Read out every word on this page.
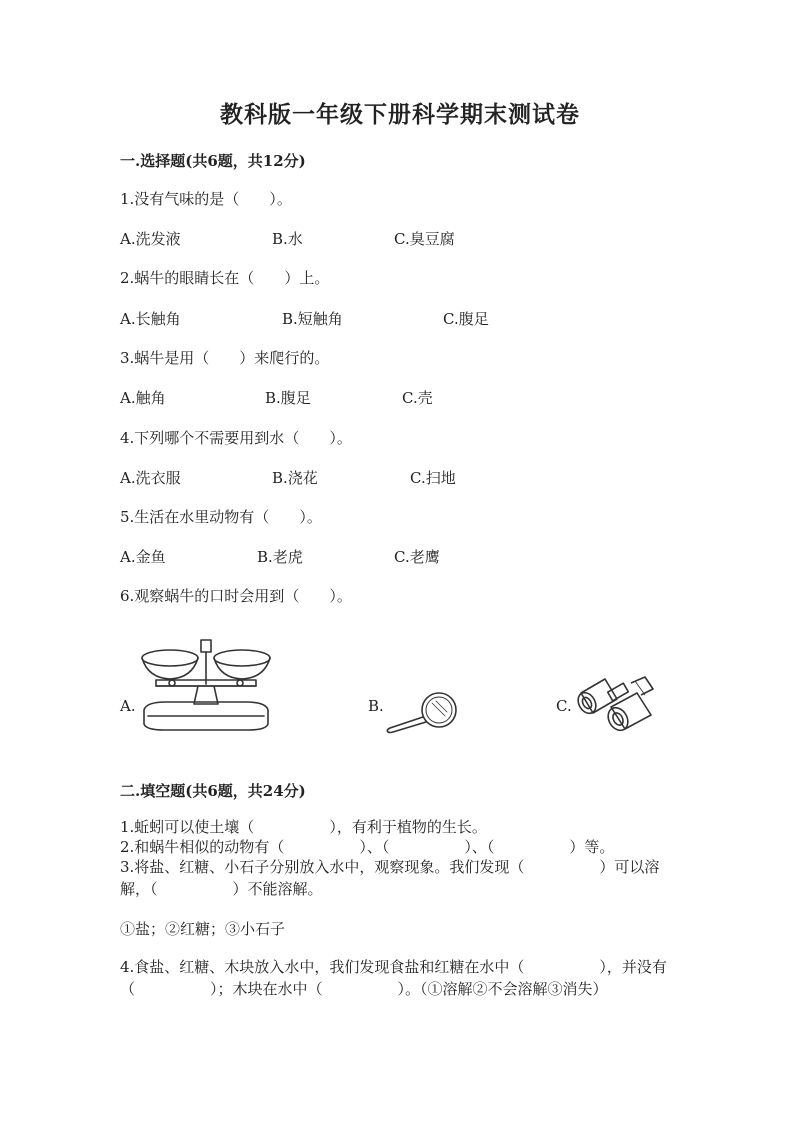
教科版一年级下册科学期末测试卷
一.选择题(共6题，共12分)
1.没有气味的是（　　）。
A.洗发液	B.水	C.臭豆腐
2.蜗牛的眼睛长在（　　）上。
A.长触角	B.短触角	C.腹足
3.蜗牛是用（　　）来爬行的。
A.触角	B.腹足	C.壳
4.下列哪个不需要用到水（　　）。
A.洗衣服	B.浇花	C.扫地
5.生活在水里动物有（　　）。
A.金鱼	B.老虎	C.老鹰
6.观察蜗牛的口时会用到（　　）。
A.	B.	C.
二.填空题(共6题，共24分)
1.蚯蚓可以使土壤（　　　　　），有利于植物的生长。
2.和蜗牛相似的动物有（　　　　　）、（　　　　　）、（　　　　　）等。
3.将盐、红糖、小石子分别放入水中，观察现象。我们发现（　　　　　）可以溶解，（　　　　　）不能溶解。
①盐；②红糖；③小石子
4.食盐、红糖、木块放入水中，我们发现食盐和红糖在水中（　　　　　），并没有（　　　　　）；木块在水中（　　　　　）。（①溶解②不会溶解③消失）
